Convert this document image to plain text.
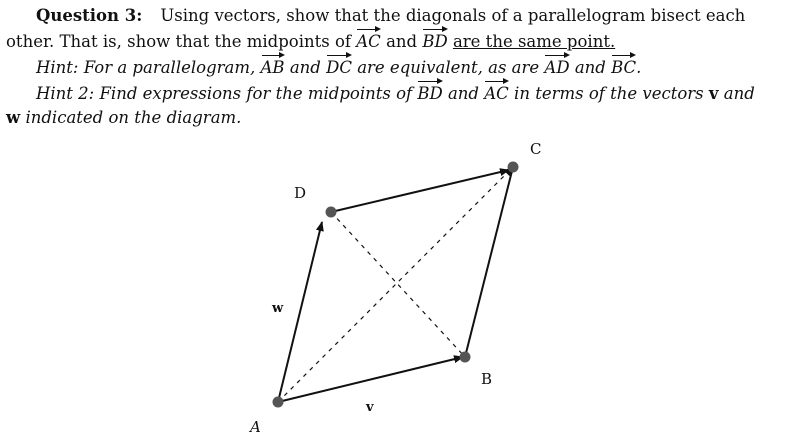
Question 3: Using vectors, show that the diagonals of a parallelogram bisect each
other. That is, show that the midpoints of AC and BD are the same point.
Hint: For a parallelogram, AB and DC are equivalent, as are AD and BC.
Hint 2: Find expressions for the midpoints of BD and AC in terms of the vectors v and
w indicated on the diagram.
A
B
C
D
v
w
